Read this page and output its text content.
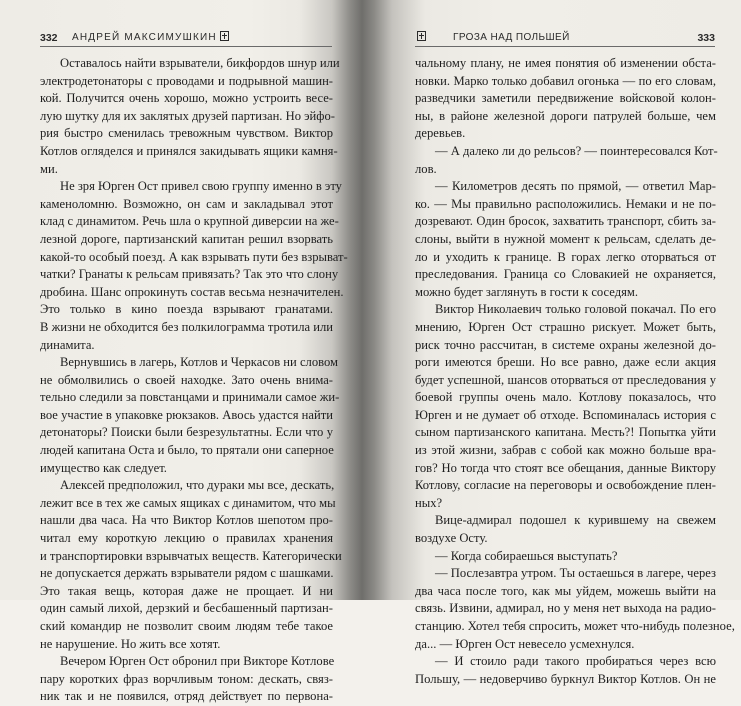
332 АНДРЕЙ МАКСИМУШКИН
Оставалось найти взрыватели, бикфордов шнур или
электродетонаторы с проводами и подрывной машин-
кой. Получится очень хорошо, можно устроить весе-
лую шутку для их заклятых друзей партизан. Но эйфо-
рия быстро сменилась тревожным чувством. Виктор
Котлов огляделся и принялся закидывать ящики камня-
ми.
Не зря Юрген Ост привел свою группу именно в эту
каменоломню. Возможно, он сам и закладывал этот
клад с динамитом. Речь шла о крупной диверсии на же-
лезной дороге, партизанский капитан решил взорвать
какой-то особый поезд. А как взрывать пути без взрыват-
чатки? Гранаты к рельсам привязать? Так это что слону
дробина. Шанс опрокинуть состав весьма незначителен.
Это только в кино поезда взрывают гранатами.
В жизни не обходится без полкилограмма тротила или
динамита.
Вернувшись в лагерь, Котлов и Черкасов ни словом
не обмолвились о своей находке. Зато очень внима-
тельно следили за повстанцами и принимали самое жи-
вое участие в упаковке рюкзаков. Авось удастся найти
детонаторы? Поиски были безрезультатны. Если что у
людей капитана Оста и было, то прятали они саперное
имущество как следует.
Алексей предположил, что дураки мы все, дескать,
лежит все в тех же самых ящиках с динамитом, что мы
нашли два часа. На что Виктор Котлов шепотом про-
читал ему короткую лекцию о правилах хранения
и транспортировки взрывчатых веществ. Категорически
не допускается держать взрыватели рядом с шашками.
Это такая вещь, которая даже не прощает. И ни
один самый лихой, дерзкий и бесбашенный партизан-
ский командир не позволит своим людям тебе такое
не нарушение. Но жить все хотят.
Вечером Юрген Ост обронил при Викторе Котлове
пару коротких фраз ворчливым тоном: дескать, связ-
ник так и не появился, отряд действует по первона-
ГРОЗА НАД ПОЛЬШЕЙ	333
чальному плану, не имея понятия об изменении обста-
новки. Марко только добавил огонька — по его словам,
разведчики заметили передвижение войсковой колон-
ны, в районе железной дороги патрулей больше, чем
деревьев.
— А далеко ли до рельсов? — поинтересовался Кот-
лов.
— Километров десять по прямой, — ответил Мар-
ко. — Мы правильно расположились. Немаки и не по-
дозревают. Один бросок, захватить транспорт, сбить за-
слоны, выйти в нужной момент к рельсам, сделать де-
ло и уходить к границе. В горах легко оторваться от
преследования. Граница со Словакией не охраняется,
можно будет заглянуть в гости к соседям.
Виктор Николаевич только головой покачал. По его
мнению, Юрген Ост страшно рискует. Может быть,
риск точно рассчитан, в системе охраны железной до-
роги имеются бреши. Но все равно, даже если акция
будет успешной, шансов оторваться от преследования у
боевой группы очень мало. Котлову показалось, что
Юрген и не думает об отходе. Вспоминалась история с
сыном партизанского капитана. Месть?! Попытка уйти
из этой жизни, забрав с собой как можно больше вра-
гов? Но тогда что стоят все обещания, данные Виктору
Котлову, согласие на переговоры и освобождение плен-
ных?
Вице-адмирал подошел к курившему на свежем
воздухе Осту.
— Когда собираешься выступать?
— Послезавтра утром. Ты остаешься в лагере, через
два часа после того, как мы уйдем, можешь выйти на
связь. Извини, адмирал, но у меня нет выхода на радио-
станцию. Хотел тебя спросить, может что-нибудь полезное,
да... — Юрген Ост невесело усмехнулся.
— И стоило ради такого пробираться через всю
Польшу, — недоверчиво буркнул Виктор Котлов. Он не
